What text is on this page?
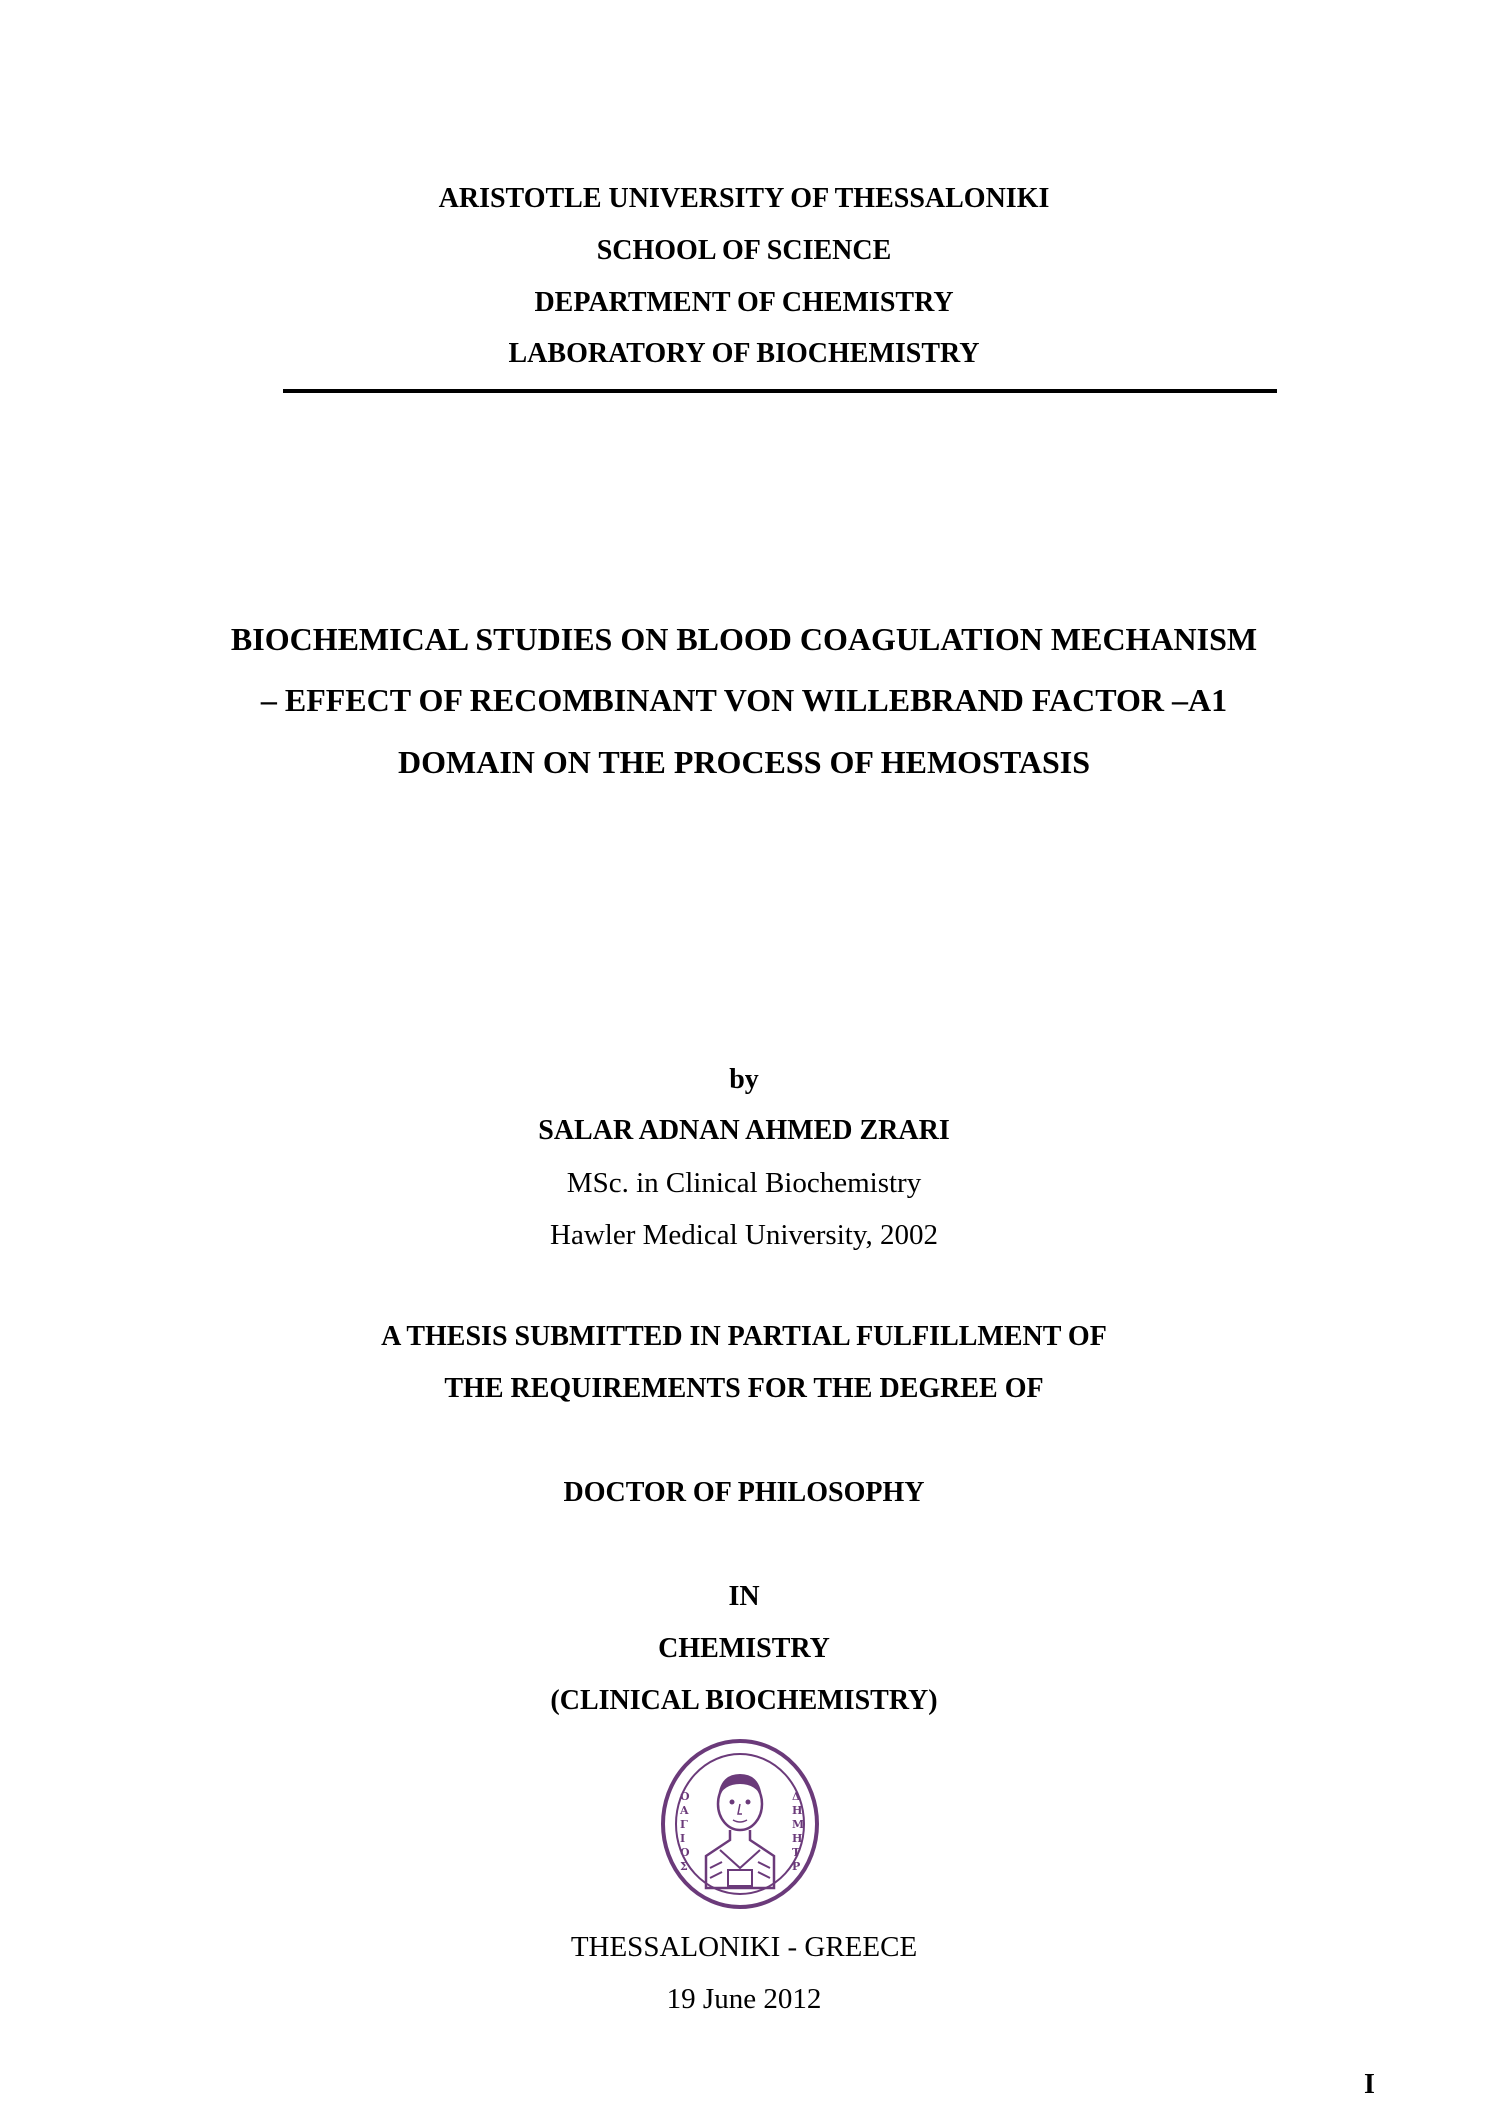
ARISTOTLE UNIVERSITY OF THESSALONIKI
SCHOOL OF SCIENCE
DEPARTMENT OF CHEMISTRY
LABORATORY OF BIOCHEMISTRY
BIOCHEMICAL STUDIES ON BLOOD COAGULATION MECHANISM
– EFFECT OF RECOMBINANT VON WILLEBRAND FACTOR –A1
DOMAIN ON THE PROCESS OF HEMOSTASIS
by
SALAR ADNAN AHMED ZRARI
MSc. in Clinical Biochemistry
Hawler Medical University, 2002
A THESIS SUBMITTED IN PARTIAL FULFILLMENT OF
THE REQUIREMENTS FOR THE DEGREE OF
DOCTOR OF PHILOSOPHY
IN
CHEMISTRY
(CLINICAL BIOCHEMISTRY)
Ο
Α
Γ
Ι
Ο
Σ
Δ
Η
Μ
Η
Τ
Ρ
THESSALONIKI - GREECE
19 June 2012
I
